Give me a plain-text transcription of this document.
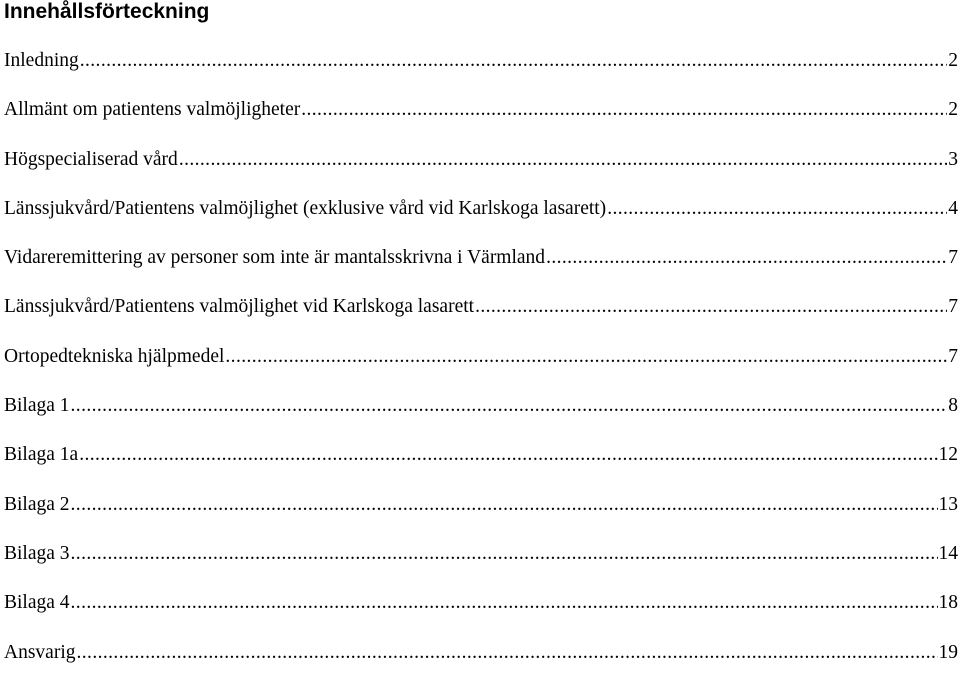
Innehållsförteckning
Inledning .....	2
Allmänt om patientens valmöjligheter .....	2
Högspecialiserad vård .....	3
Länssjukvård/Patientens valmöjlighet (exklusive vård vid Karlskoga lasarett) .....	4
Vidareremittering av personer som inte är mantalsskrivna i Värmland .....	7
Länssjukvård/Patientens valmöjlighet vid Karlskoga lasarett .....	7
Ortopedtekniska hjälpmedel .....	7
Bilaga 1 .....	8
Bilaga 1a .....	12
Bilaga 2 .....	13
Bilaga 3 .....	14
Bilaga 4 .....	18
Ansvarig .....	19
